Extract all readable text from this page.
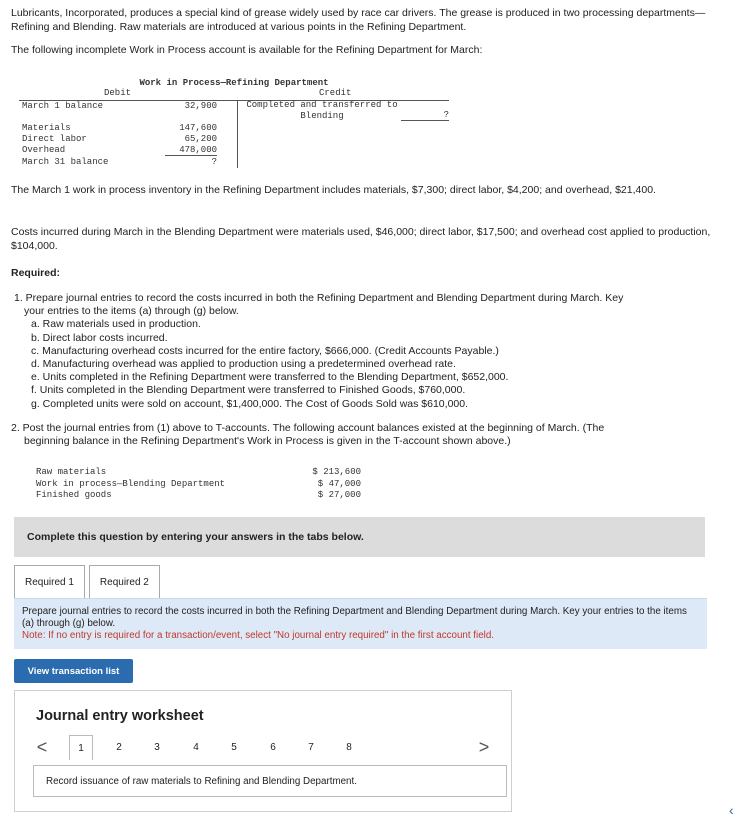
Lubricants, Incorporated, produces a special kind of grease widely used by race car drivers. The grease is produced in two processing departments—Refining and Blending. Raw materials are introduced at various points in the Refining Department.

The following incomplete Work in Process account is available for the Refining Department for March:

Work in Process—Refining Department
Debit	Credit
March 1 balance	32,900
Materials	147,600
Direct labor	65,200
Overhead	478,000
March 31 balance	?
Completed and transferred to Blending	?
The March 1 work in process inventory in the Refining Department includes materials, $7,300; direct labor, $4,200; and overhead, $21,400.
Costs incurred during March in the Blending Department were materials used, $46,000; direct labor, $17,500; and overhead cost applied to production, $104,000.
Required:
1. Prepare journal entries to record the costs incurred in both the Refining Department and Blending Department during March. Key
your entries to the items (a) through (g) below.
a. Raw materials used in production.
b. Direct labor costs incurred.
c. Manufacturing overhead costs incurred for the entire factory, $666,000. (Credit Accounts Payable.)
d. Manufacturing overhead was applied to production using a predetermined overhead rate.
e. Units completed in the Refining Department were transferred to the Blending Department, $652,000.
f. Units completed in the Blending Department were transferred to Finished Goods, $760,000.
g. Completed units were sold on account, $1,400,000. The Cost of Goods Sold was $610,000.
2. Post the journal entries from (1) above to T-accounts. The following account balances existed at the beginning of March. (The
beginning balance in the Refining Department's Work in Process is given in the T-account shown above.)
Raw materials	$ 213,600
Work in process—Blending Department	$ 47,000
Finished goods	$ 27,000
Complete this question by entering your answers in the tabs below.
Required 1	Required 2
Prepare journal entries to record the costs incurred in both the Refining Department and Blending Department during March. Key your entries to the items (a) through (g) below.
Note: If no entry is required for a transaction/event, select "No journal entry required" in the first account field.
View transaction list
Journal entry worksheet
<	1	2	3	4	5	6	7	8	>
Record issuance of raw materials to Refining and Blending Department.
‹
